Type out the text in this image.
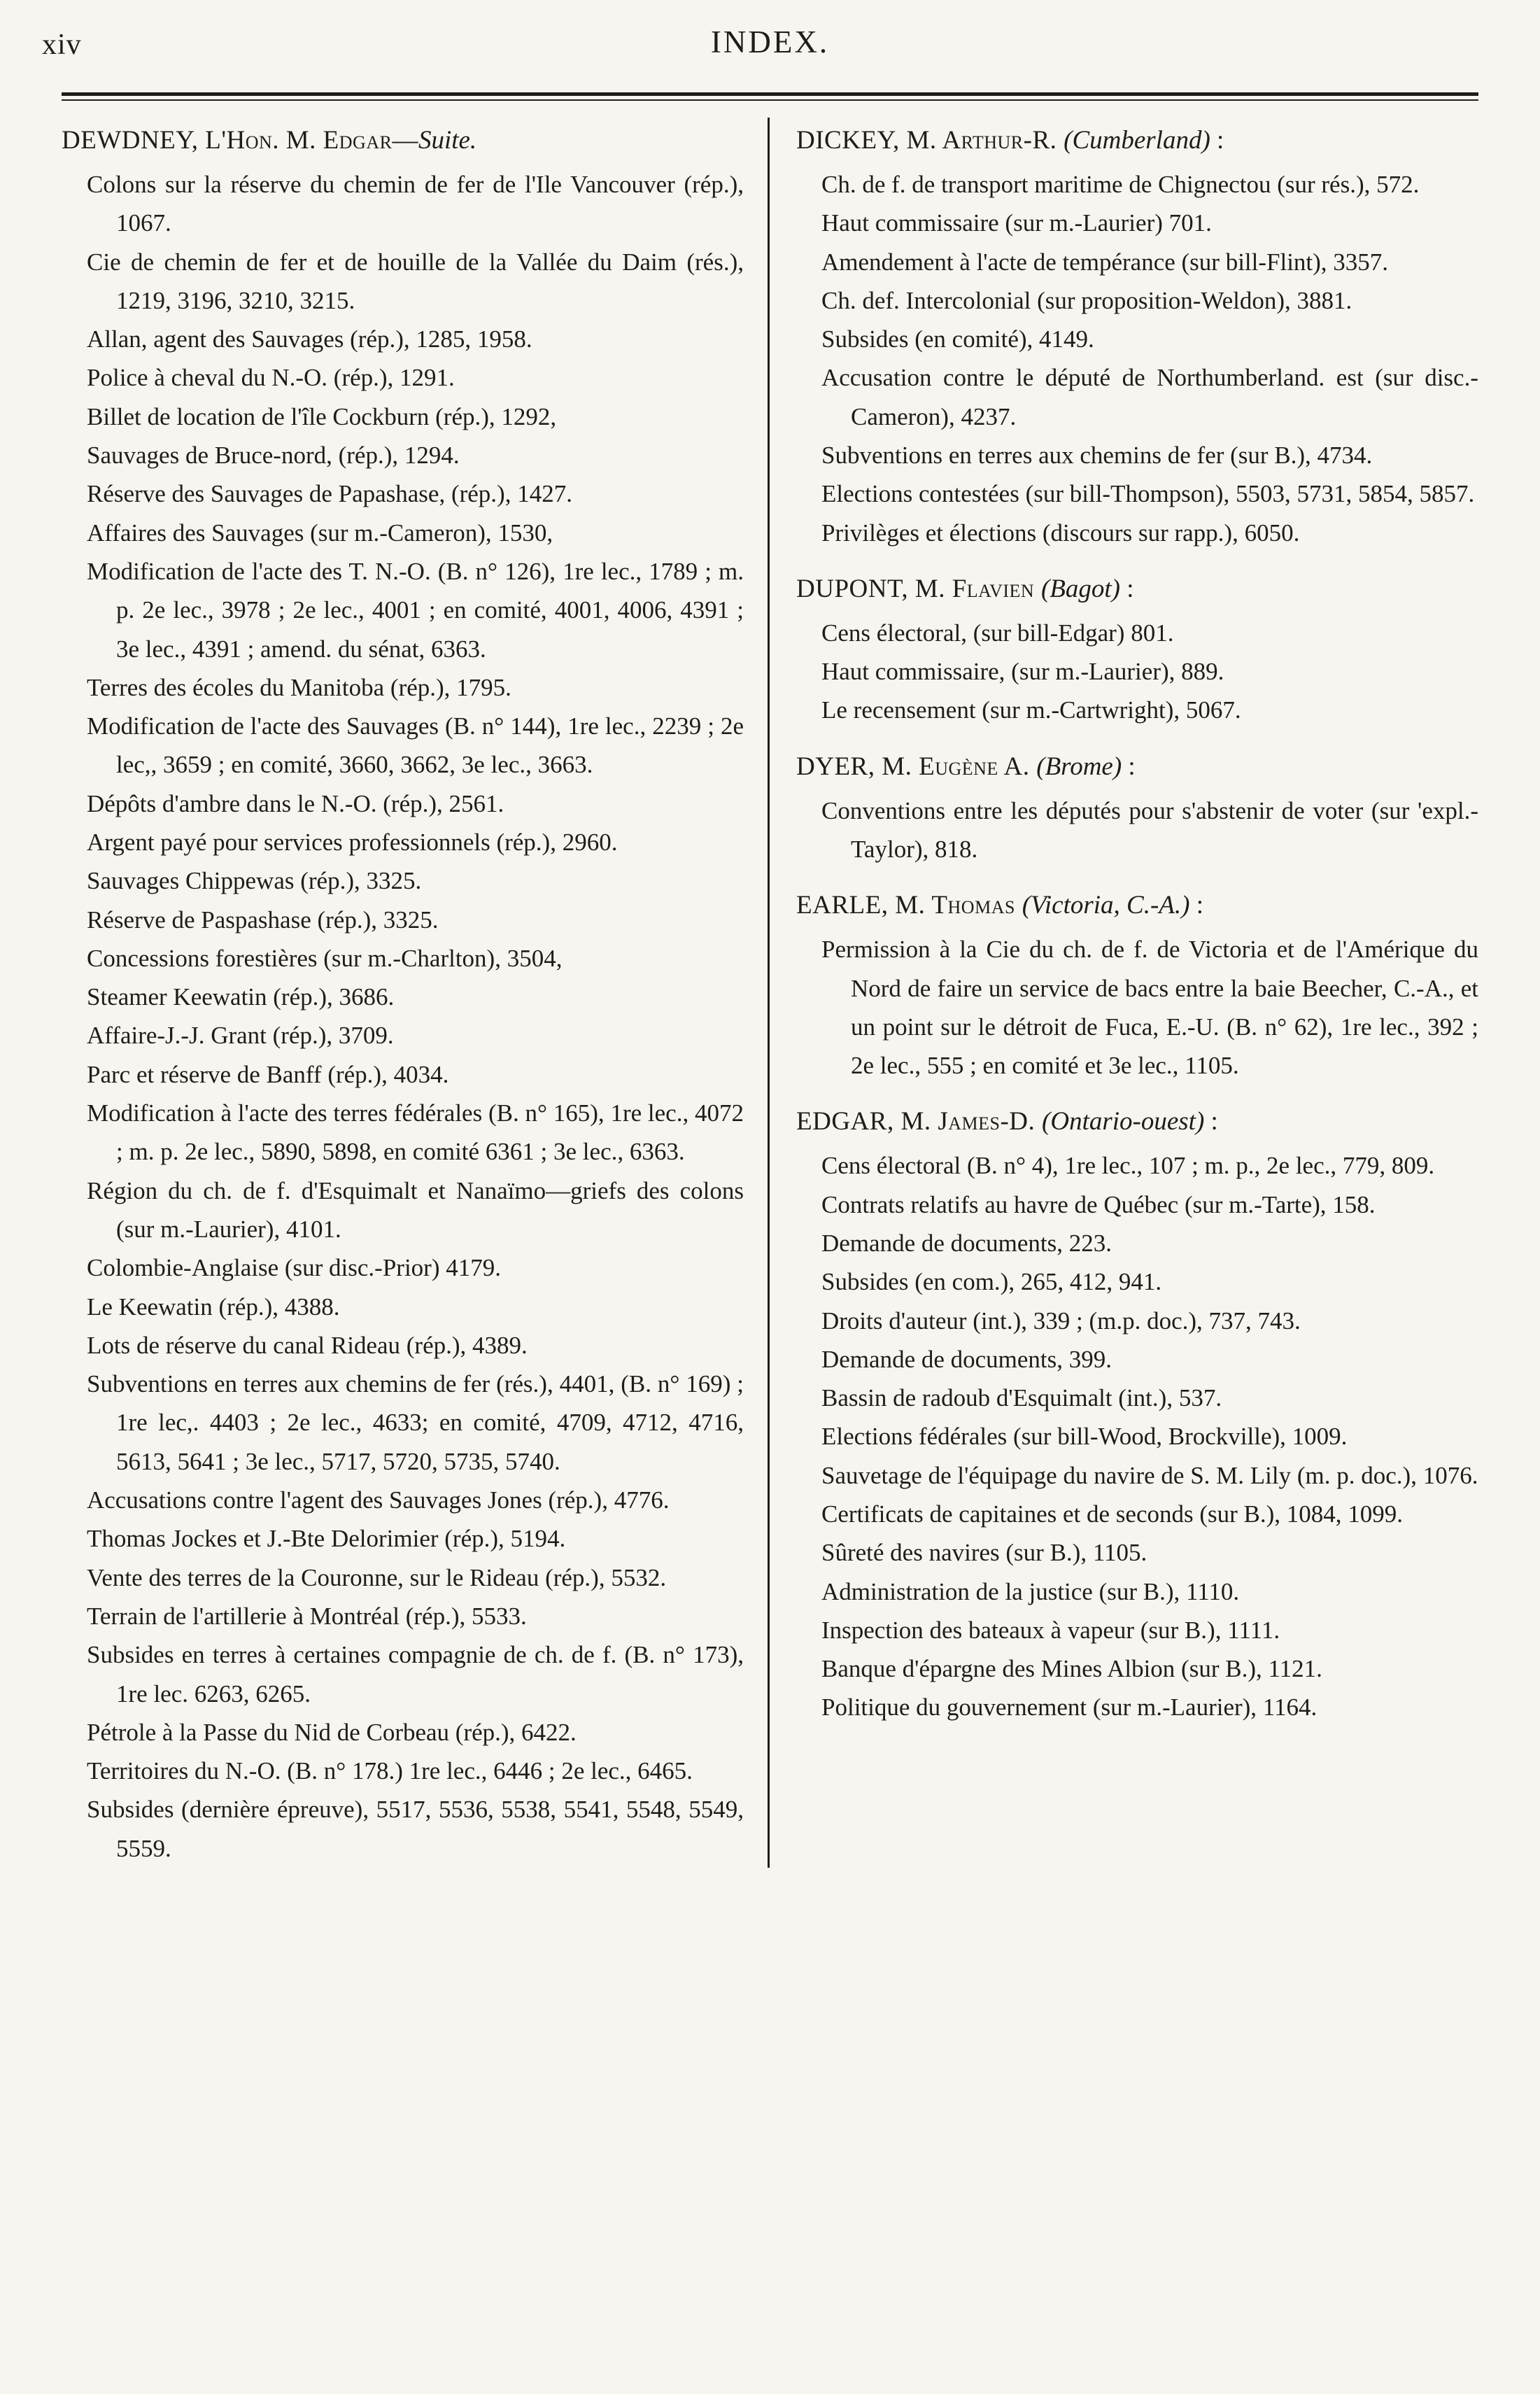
xiv	INDEX.
DEWDNEY, L'Hon. M. Edgar—Suite.

Colons sur la réserve du chemin de fer de l'Ile Vancouver (rép.), 1067.

Cie de chemin de fer et de houille de la Vallée du Daim (rés.), 1219, 3196, 3210, 3215.

Allan, agent des Sauvages (rép.), 1285, 1958.

Police à cheval du N.-O. (rép.), 1291.

Billet de location de l'île Cockburn (rép.), 1292,

Sauvages de Bruce-nord, (rép.), 1294.

Réserve des Sauvages de Papashase, (rép.), 1427.

Affaires des Sauvages (sur m.-Cameron), 1530,

Modification de l'acte des T. N.-O. (B. n° 126), 1re lec., 1789 ; m. p. 2e lec., 3978 ; 2e lec., 4001 ; en comité, 4001, 4006, 4391 ; 3e lec., 4391 ; amend. du sénat, 6363.

Terres des écoles du Manitoba (rép.), 1795.

Modification de l'acte des Sauvages (B. n° 144), 1re lec., 2239 ; 2e lec,, 3659 ; en comité, 3660, 3662, 3e lec., 3663.

Dépôts d'ambre dans le N.-O. (rép.), 2561.

Argent payé pour services professionnels (rép.), 2960.

Sauvages Chippewas (rép.), 3325.

Réserve de Paspashase (rép.), 3325.

Concessions forestières (sur m.-Charlton), 3504,

Steamer Keewatin (rép.), 3686.

Affaire-J.-J. Grant (rép.), 3709.

Parc et réserve de Banff (rép.), 4034.

Modification à l'acte des terres fédérales (B. n° 165), 1re lec., 4072 ; m. p. 2e lec., 5890, 5898, en comité 6361 ; 3e lec., 6363.

Région du ch. de f. d'Esquimalt et Nanaïmo—griefs des colons (sur m.-Laurier), 4101.

Colombie-Anglaise (sur disc.-Prior) 4179.

Le Keewatin (rép.), 4388.

Lots de réserve du canal Rideau (rép.), 4389.

Subventions en terres aux chemins de fer (rés.), 4401, (B. n° 169) ; 1re lec,. 4403 ; 2e lec., 4633; en comité, 4709, 4712, 4716, 5613, 5641 ; 3e lec., 5717, 5720, 5735, 5740.

Accusations contre l'agent des Sauvages Jones (rép.), 4776.

Thomas Jockes et J.-Bte Delorimier (rép.), 5194.

Vente des terres de la Couronne, sur le Rideau (rép.), 5532.

Terrain de l'artillerie à Montréal (rép.), 5533.

Subsides en terres à certaines compagnie de ch. de f. (B. n° 173), 1re lec. 6263, 6265.

Pétrole à la Passe du Nid de Corbeau (rép.), 6422.

Territoires du N.-O. (B. n° 178.) 1re lec., 6446 ; 2e lec., 6465.

Subsides (dernière épreuve), 5517, 5536, 5538, 5541, 5548, 5549, 5559.

DICKEY, M. Arthur-R. (Cumberland) :

Ch. de f. de transport maritime de Chignectou (sur rés.), 572.

Haut commissaire (sur m.-Laurier) 701.

Amendement à l'acte de tempérance (sur bill-Flint), 3357.

Ch. def. Intercolonial (sur proposition-Weldon), 3881.

Subsides (en comité), 4149.

Accusation contre le député de Northumberland. est (sur disc.-Cameron), 4237.

Subventions en terres aux chemins de fer (sur B.), 4734.

Elections contestées (sur bill-Thompson), 5503, 5731, 5854, 5857.

Privilèges et élections (discours sur rapp.), 6050.

DUPONT, M. Flavien (Bagot) :

Cens électoral, (sur bill-Edgar) 801.

Haut commissaire, (sur m.-Laurier), 889.

Le recensement (sur m.-Cartwright), 5067.

DYER, M. Eugène A. (Brome) :

Conventions entre les députés pour s'abstenir de voter (sur 'expl.-Taylor), 818.

EARLE, M. Thomas (Victoria, C.-A.) :

Permission à la Cie du ch. de f. de Victoria et de l'Amérique du Nord de faire un service de bacs entre la baie Beecher, C.-A., et un point sur le détroit de Fuca, E.-U. (B. n° 62), 1re lec., 392 ; 2e lec., 555 ; en comité et 3e lec., 1105.

EDGAR, M. James-D. (Ontario-ouest) :

Cens électoral (B. n° 4), 1re lec., 107 ; m. p., 2e lec., 779, 809.

Contrats relatifs au havre de Québec (sur m.-Tarte), 158.

Demande de documents, 223.

Subsides (en com.), 265, 412, 941.

Droits d'auteur (int.), 339 ; (m.p. doc.), 737, 743.

Demande de documents, 399.

Bassin de radoub d'Esquimalt (int.), 537.

Elections fédérales (sur bill-Wood, Brockville), 1009.

Sauvetage de l'équipage du navire de S. M. Lily (m. p. doc.), 1076.

Certificats de capitaines et de seconds (sur B.), 1084, 1099.

Sûreté des navires (sur B.), 1105.

Administration de la justice (sur B.), 1110.

Inspection des bateaux à vapeur (sur B.), 1111.

Banque d'épargne des Mines Albion (sur B.), 1121.

Politique du gouvernement (sur m.-Laurier), 1164.
